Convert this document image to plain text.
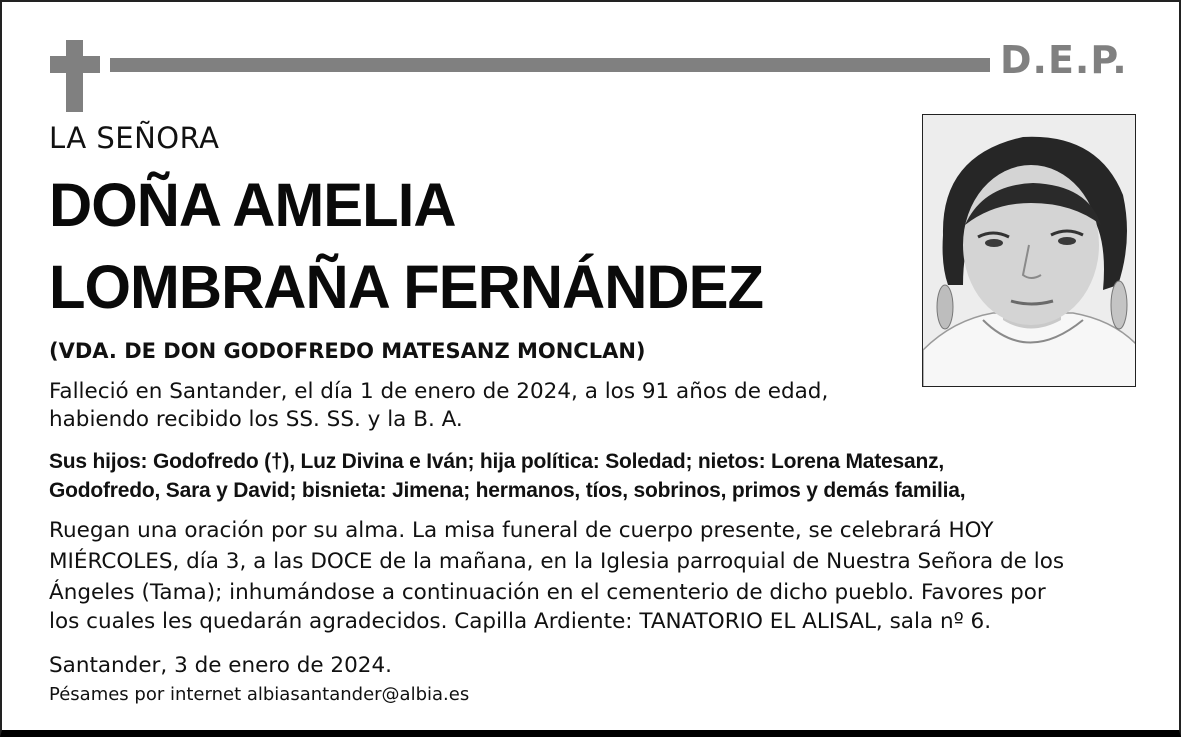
D.E.P.
LA SEÑORA
DOÑA AMELIA
LOMBRAÑA FERNÁNDEZ
(VDA. DE DON GODOFREDO MATESANZ MONCLAN)
Falleció en Santander, el día 1 de enero de 2024, a los 91 años de edad,
habiendo recibido los SS. SS. y la B. A.
Sus hijos: Godofredo (†), Luz Divina e Iván; hija política: Soledad; nietos: Lorena Matesanz,
Godofredo, Sara y David; bisnieta: Jimena; hermanos, tíos, sobrinos, primos y demás familia,
Ruegan una oración por su alma. La misa funeral de cuerpo presente, se celebrará HOY
MIÉRCOLES, día 3, a las DOCE de la mañana, en la Iglesia parroquial de Nuestra Señora de los
Ángeles (Tama); inhumándose a continuación en el cementerio de dicho pueblo. Favores por
los cuales les quedarán agradecidos. Capilla Ardiente: TANATORIO EL ALISAL, sala nº 6.
Santander, 3 de enero de 2024.
Pésames por internet albiasantander@albia.es
